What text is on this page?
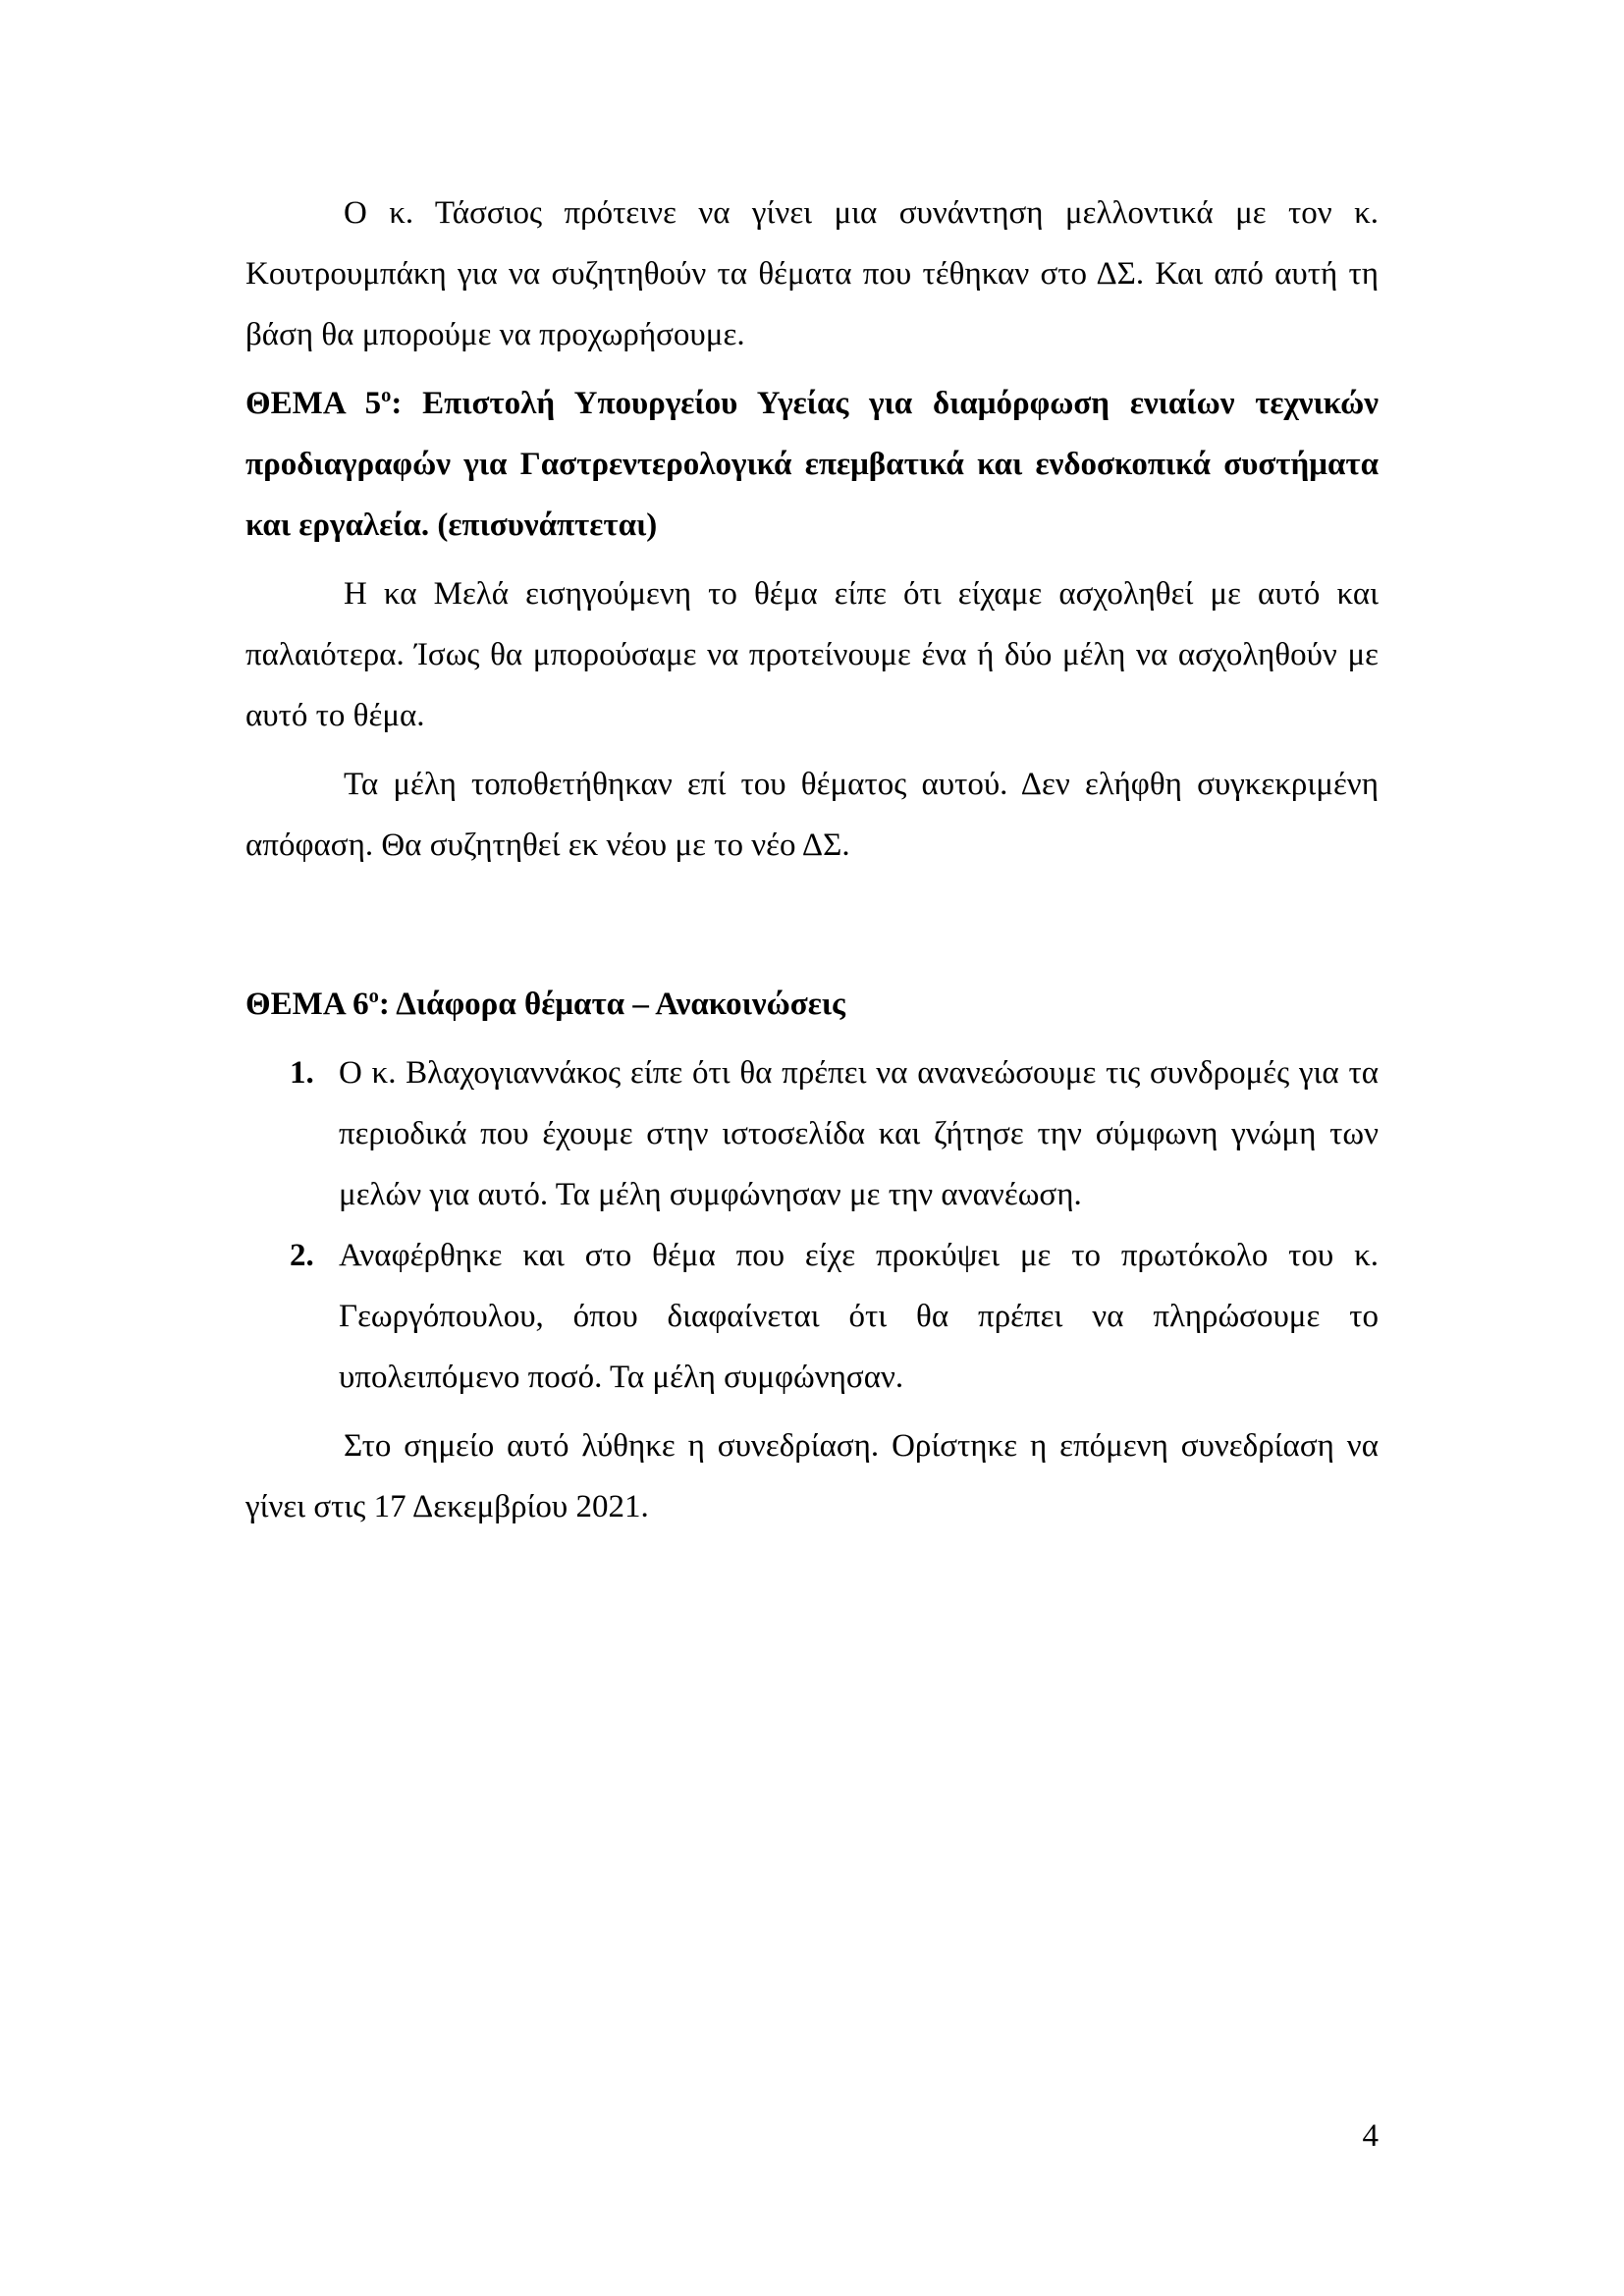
Ο κ. Τάσσιος πρότεινε να γίνει μια συνάντηση μελλοντικά με τον κ. Κουτρουμπάκη για να συζητηθούν τα θέματα που τέθηκαν στο ΔΣ. Και από αυτή τη βάση θα μπορούμε να προχωρήσουμε.

ΘΕΜΑ $5^o$: Επιστολή Υπουργείου Υγείας για διαμόρφωση ενιαίων τεχνικών προδιαγραφών για Γαστρεντερολογικά επεμβατικά και ενδοσκοπικά συστήματα και εργαλεία. (επισυνάπτεται)

Η κα Μελά εισηγούμενη το θέμα είπε ότι είχαμε ασχοληθεί με αυτό και παλαιότερα. Ίσως θα μπορούσαμε να προτείνουμε ένα ή δύο μέλη να ασχοληθούν με αυτό το θέμα.

Τα μέλη τοποθετήθηκαν επί του θέματος αυτού. Δεν ελήφθη συγκεκριμένη απόφαση. Θα συζητηθεί εκ νέου με το νέο ΔΣ.

ΘΕΜΑ $6^o$: Διάφορα θέματα – Ανακοινώσεις

1. Ο κ. Βλαχογιαννάκος είπε ότι θα πρέπει να ανανεώσουμε τις συνδρομές για τα περιοδικά που έχουμε στην ιστοσελίδα και ζήτησε την σύμφωνη γνώμη των μελών για αυτό. Τα μέλη συμφώνησαν με την ανανέωση.
2. Αναφέρθηκε και στο θέμα που είχε προκύψει με το πρωτόκολο του κ. Γεωργόπουλου, όπου διαφαίνεται ότι θα πρέπει να πληρώσουμε το υπολειπόμενο ποσό. Τα μέλη συμφώνησαν.

Στο σημείο αυτό λύθηκε η συνεδρίαση. Ορίστηκε η επόμενη συνεδρίαση να γίνει στις 17 Δεκεμβρίου 2021.

4
